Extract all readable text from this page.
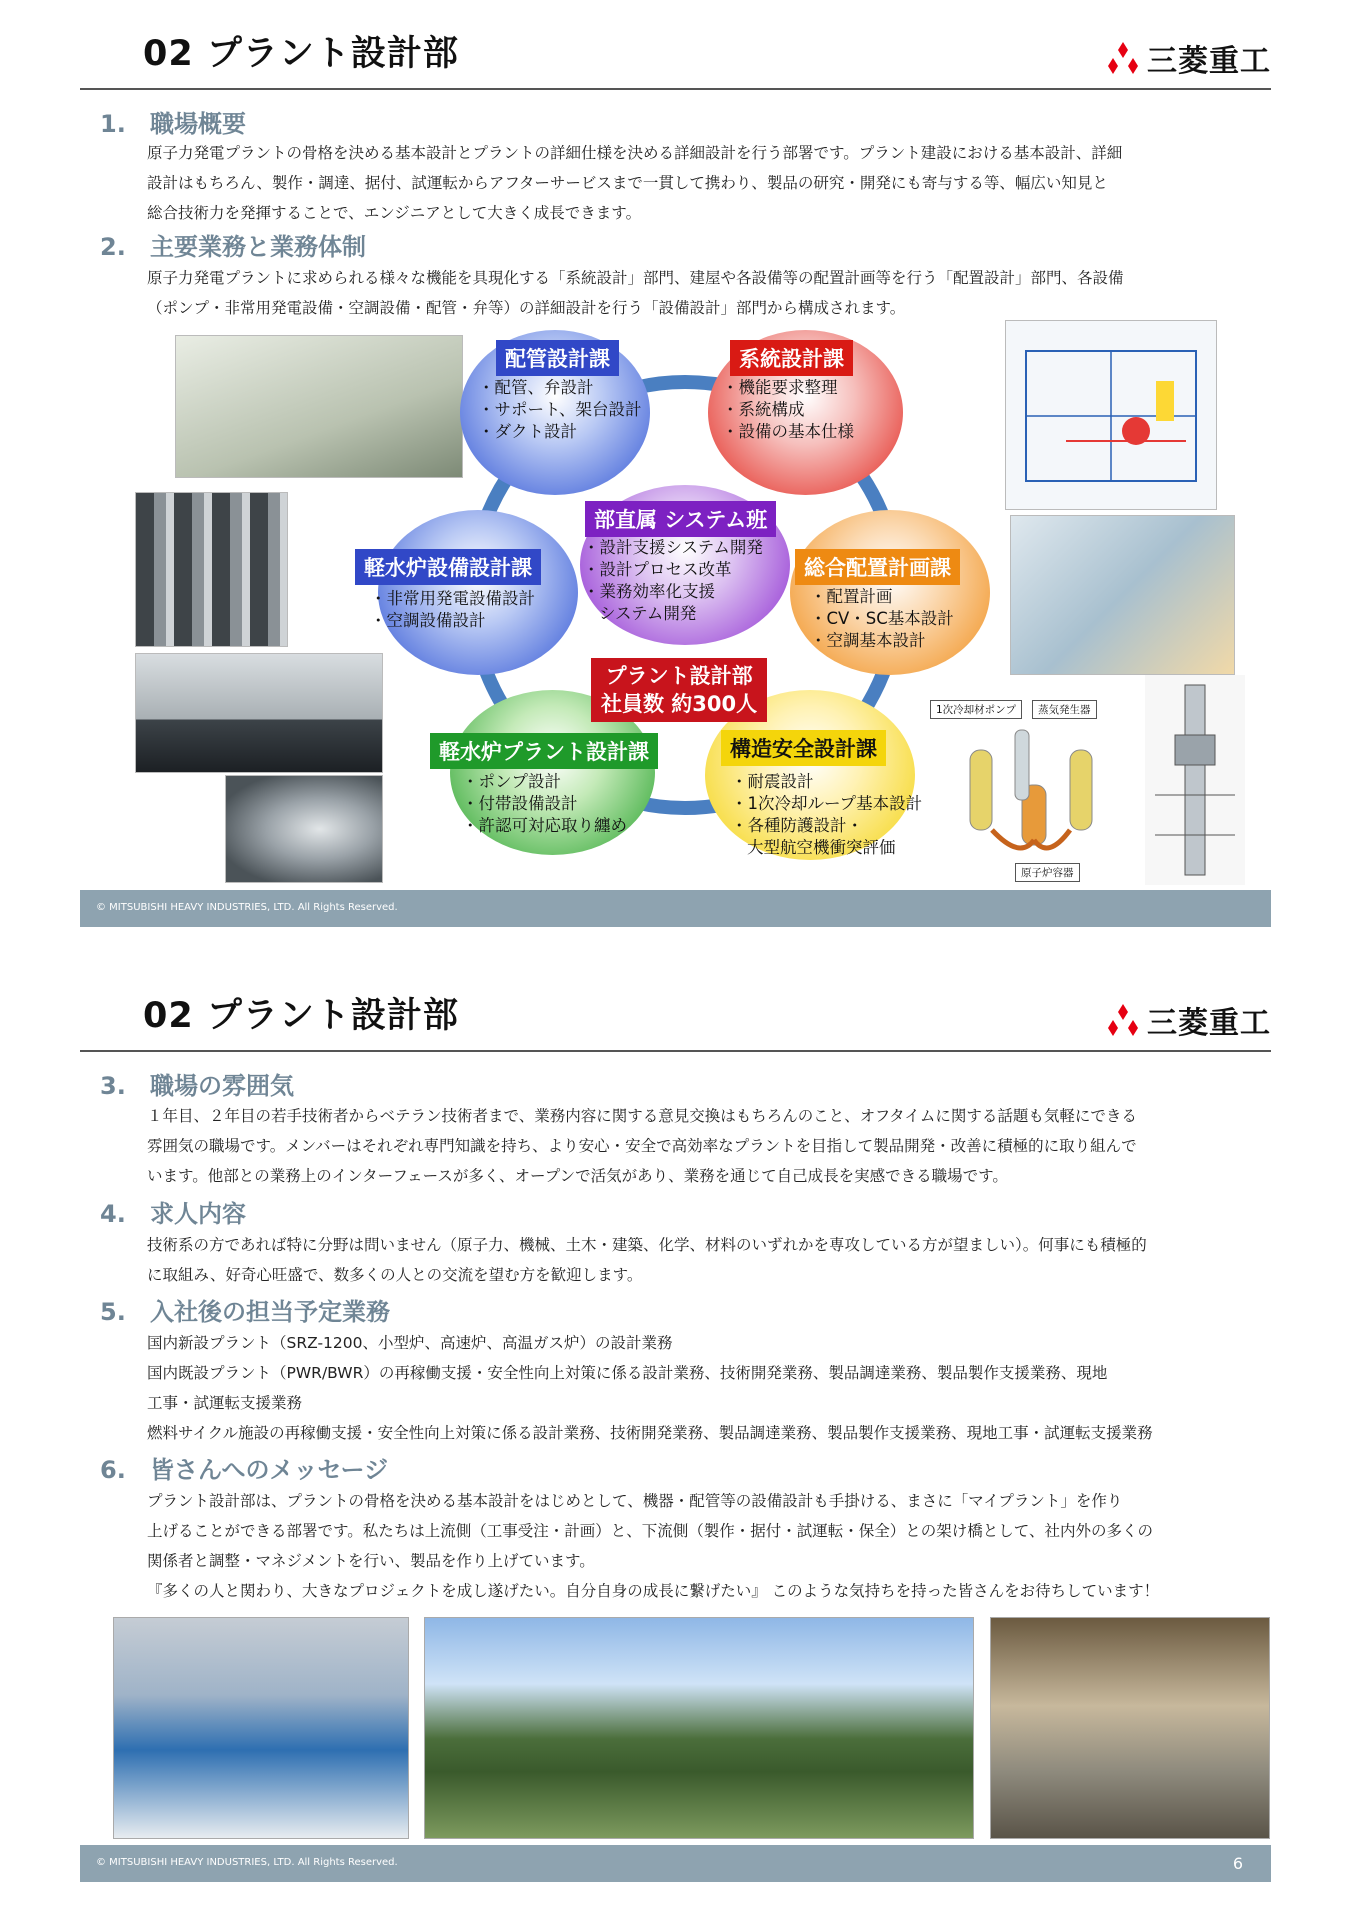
02 プラント設計部	三菱重工
1. 職場概要

原子力発電プラントの骨格を決める基本設計とプラントの詳細仕様を決める詳細設計を行う部署です。プラント建設における基本設計、詳細

設計はもちろん、製作・調達、据付、試運転からアフターサービスまで一貫して携わり、製品の研究・開発にも寄与する等、幅広い知見と

総合技術力を発揮することで、エンジニアとして大きく成長できます。

2. 主要業務と業務体制

原子力発電プラントに求められる様々な機能を具現化する「系統設計」部門、建屋や各設備等の配置計画等を行う「配置設計」部門、各設備

（ポンプ・非常用発電設備・空調設備・配管・弁等）の詳細設計を行う「設備設計」部門から構成されます。

1次冷却材ポンプ	蒸気発生器
原子炉容器
配管設計課
・ 配管、弁設計
・ サポート、架台設計
・ ダクト設計
系統設計課
・ 機能要求整理
・ 系統構成
・ 設備の基本仕様
部直属 システム班
・ 設計支援システム開発
・ 設計プロセス改革
・ 業務効率化支援
システム開発
軽水炉設備設計課
・ 非常用発電設備設計
・ 空調設備設計
総合配置計画課
・ 配置計画
・ CV・SC基本設計
・ 空調基本設計
プラント設計部
社員数 約300人
軽水炉プラント設計課
・ ポンプ設計
・ 付帯設備設計
・ 許認可対応取り纏め
構造安全設計課
・ 耐震設計
・ 1次冷却ループ基本設計
・ 各種防護設計・
大型航空機衝突評価
© MITSUBISHI HEAVY INDUSTRIES, LTD. All Rights Reserved.
02 プラント設計部	三菱重工
3. 職場の雰囲気

１年目、２年目の若手技術者からベテラン技術者まで、業務内容に関する意見交換はもちろんのこと、オフタイムに関する話題も気軽にできる

雰囲気の職場です。メンバーはそれぞれ専門知識を持ち、より安心・安全で高効率なプラントを目指して製品開発・改善に積極的に取り組んで

います。他部との業務上のインターフェースが多く、オープンで活気があり、業務を通じて自己成長を実感できる職場です。

4. 求人内容

技術系の方であれば特に分野は問いません（原子力、機械、土木・建築、化学、材料のいずれかを専攻している方が望ましい）。何事にも積極的

に取組み、好奇心旺盛で、数多くの人との交流を望む方を歓迎します。

5. 入社後の担当予定業務

国内新設プラント（SRZ-1200、小型炉、高速炉、高温ガス炉）の設計業務

国内既設プラント（PWR/BWR）の再稼働支援・安全性向上対策に係る設計業務、技術開発業務、製品調達業務、製品製作支援業務、現地

工事・試運転支援業務

燃料サイクル施設の再稼働支援・安全性向上対策に係る設計業務、技術開発業務、製品調達業務、製品製作支援業務、現地工事・試運転支援業務

6. 皆さんへのメッセージ

プラント設計部は、プラントの骨格を決める基本設計をはじめとして、機器・配管等の設備設計も手掛ける、まさに「マイプラント」を作り

上げることができる部署です。私たちは上流側（工事受注・計画）と、下流側（製作・据付・試運転・保全）との架け橋として、社内外の多くの

関係者と調整・マネジメントを行い、製品を作り上げています。

『多くの人と関わり、大きなプロジェクトを成し遂げたい。自分自身の成長に繋げたい』 このような気持ちを持った皆さんをお待ちしています！

© MITSUBISHI HEAVY INDUSTRIES, LTD. All Rights Reserved.	6
